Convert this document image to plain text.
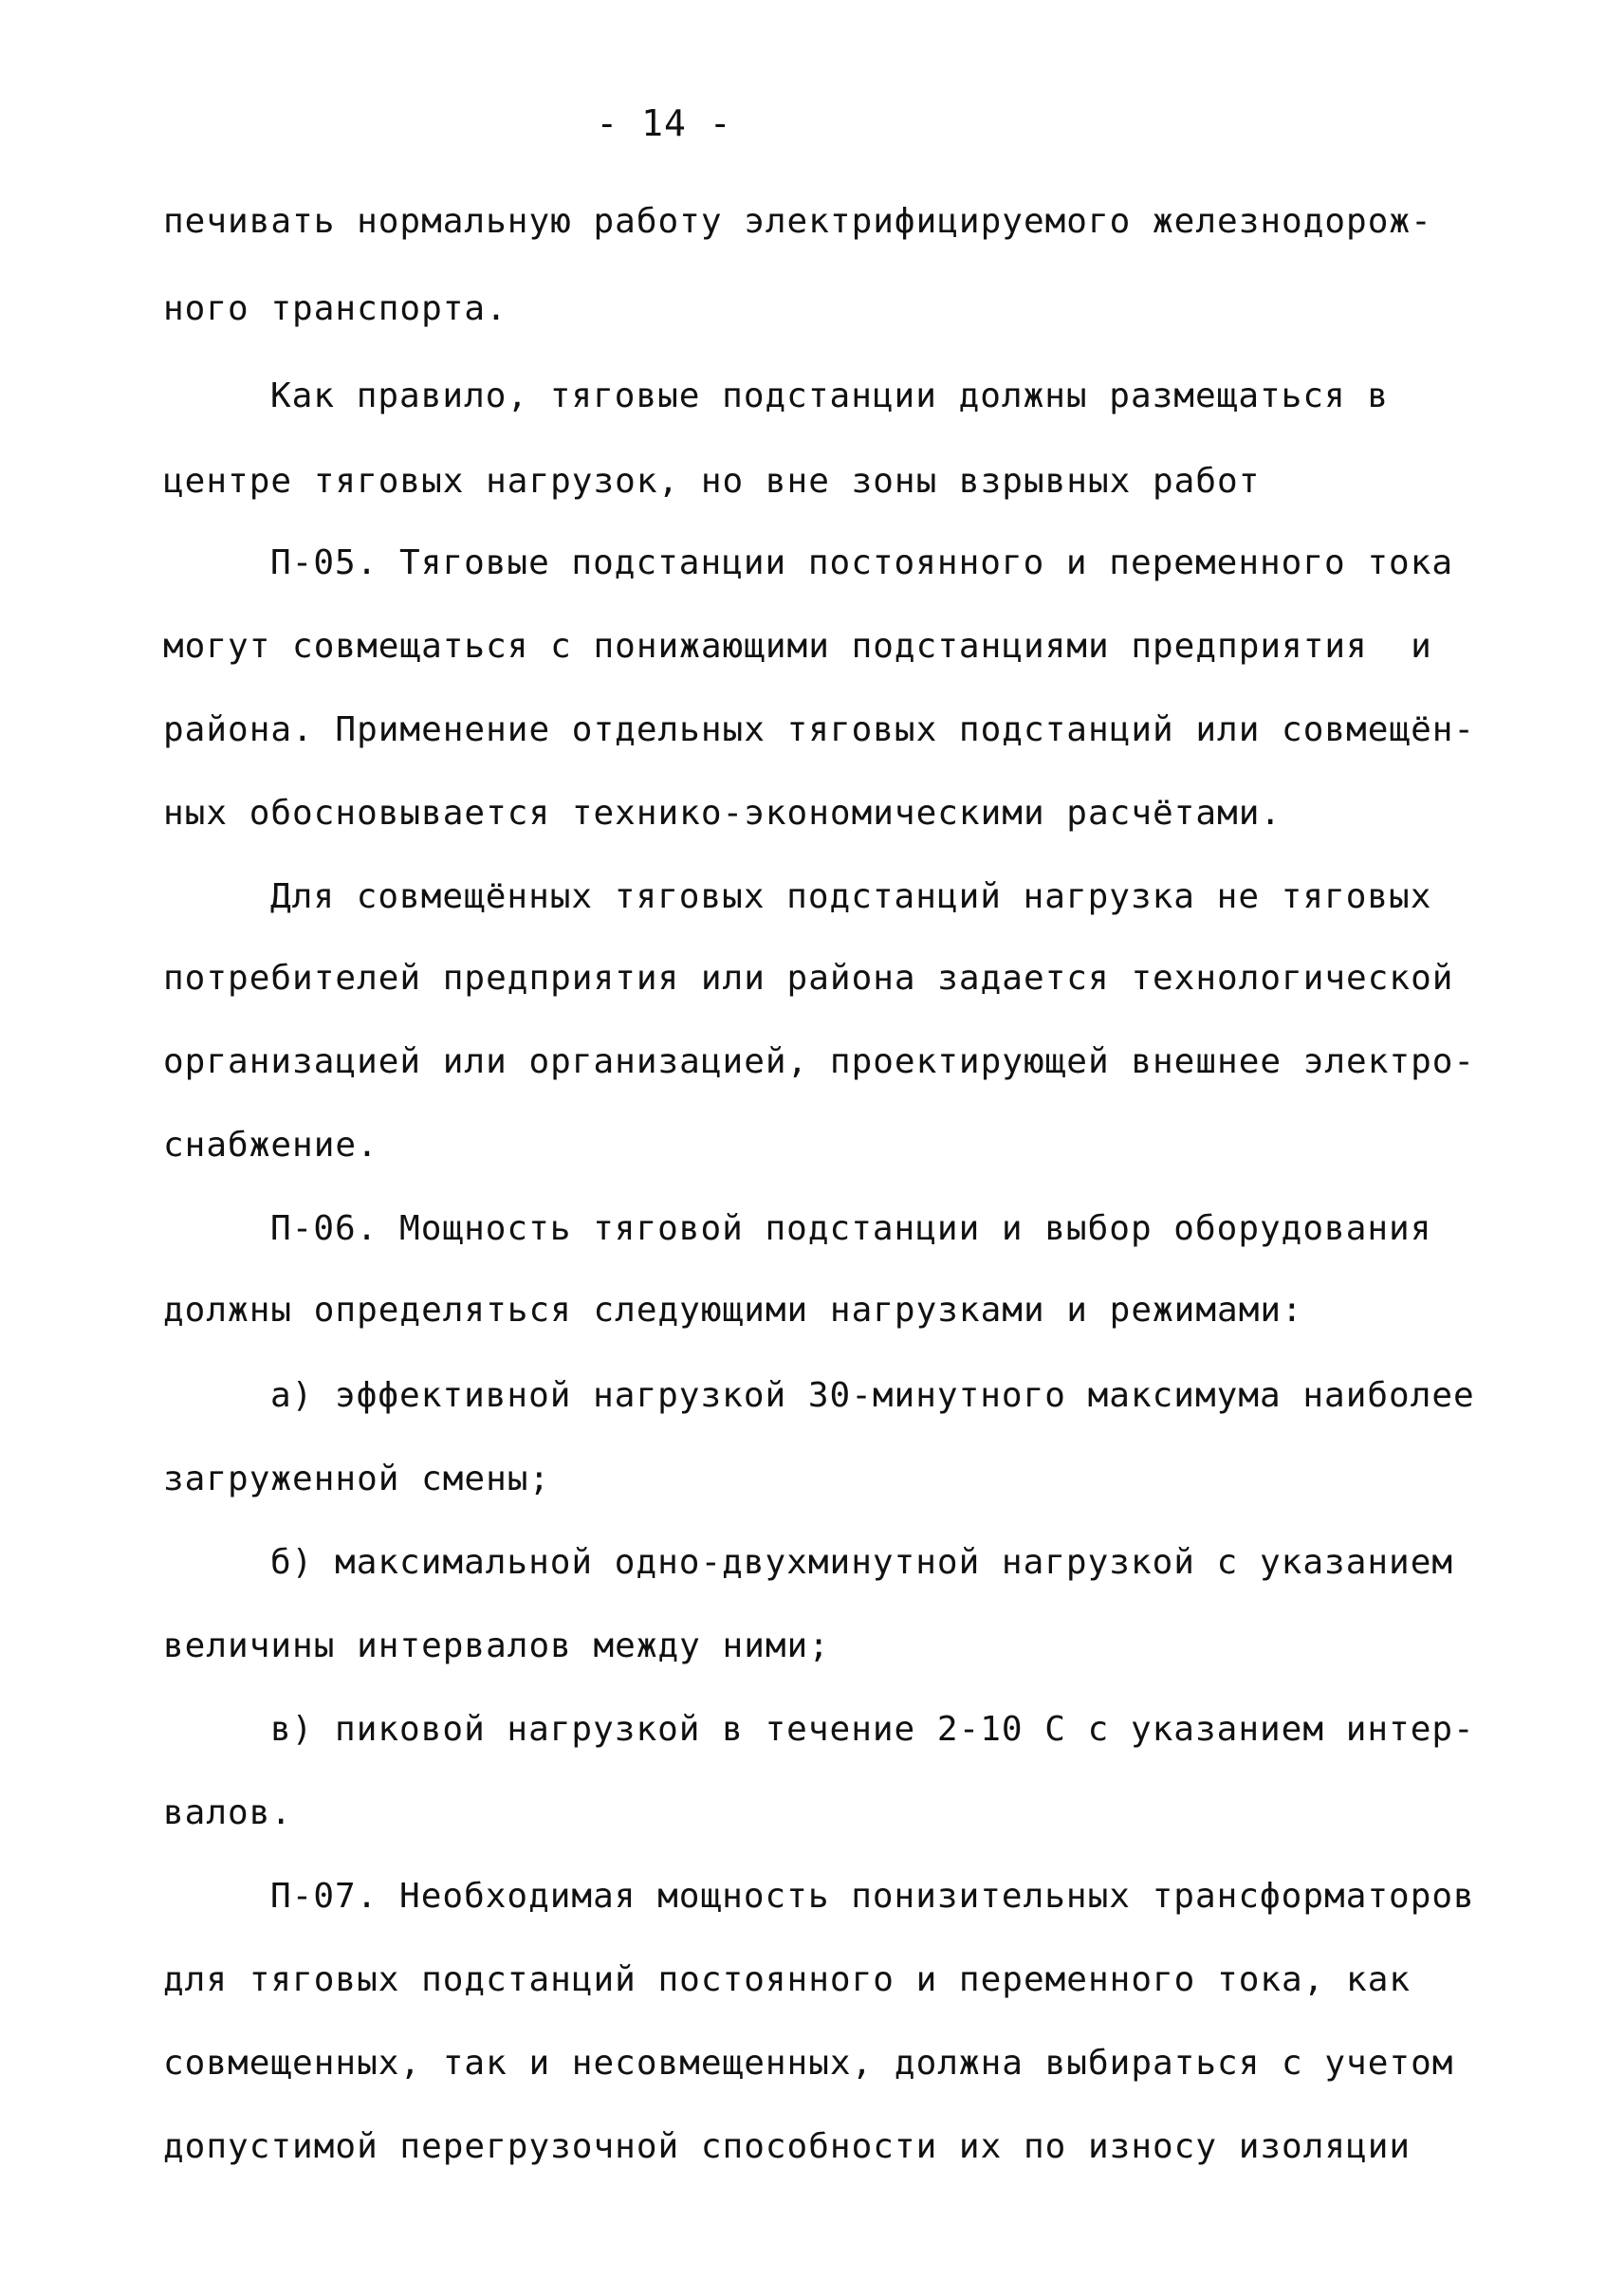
- 14 -
печивать нормальную работу электрифицируемого железнодорож-
ного транспорта.
Как правило, тяговые подстанции должны размещаться в
центре тяговых нагрузок, но вне зоны взрывных работ
П-05. Тяговые подстанции постоянного и переменного тока
могут совмещаться с понижающими подстанциями предприятия  и
района. Применение отдельных тяговых подстанций или совмещён-
ных обосновывается технико-экономическими расчётами.
Для совмещённых тяговых подстанций нагрузка не тяговых
потребителей предприятия или района задается технологической
организацией или организацией, проектирующей внешнее электро-
снабжение.
П-06. Мощность тяговой подстанции и выбор оборудования
должны определяться следующими нагрузками и режимами:
а) эффективной нагрузкой 30-минутного максимума наиболее
загруженной смены;
б) максимальной одно-двухминутной нагрузкой с указанием
величины интервалов между ними;
в) пиковой нагрузкой в течение 2-10 С с указанием интер-
валов.
П-07. Необходимая мощность понизительных трансформаторов
для тяговых подстанций постоянного и переменного тока, как
совмещенных, так и несовмещенных, должна выбираться с учетом
допустимой перегрузочной способности их по износу изоляции
